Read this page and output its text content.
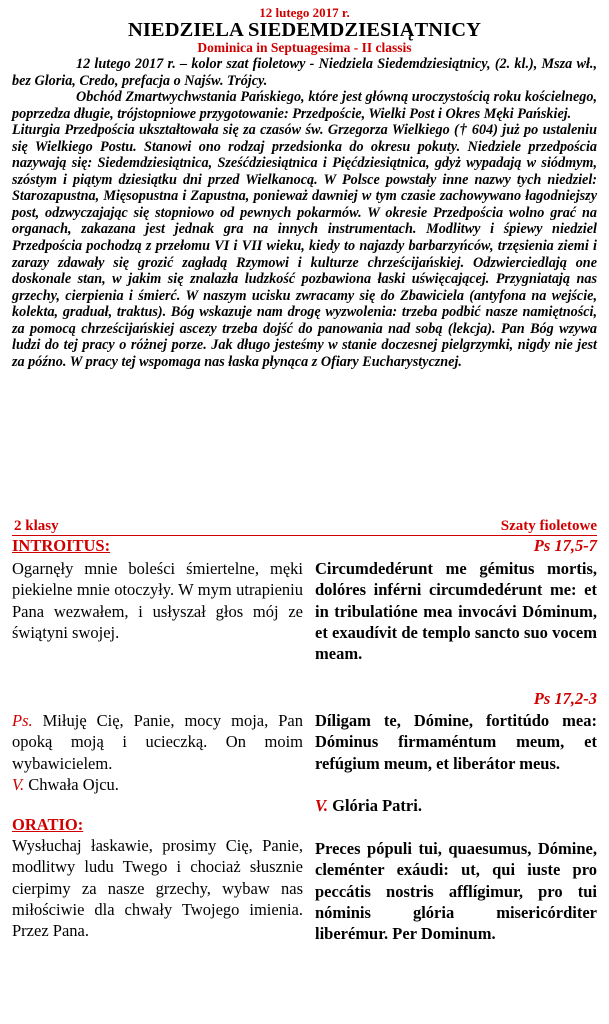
12 lutego 2017 r.
NIEDZIELA SIEDEMDZIESIĄTNICY
Dominica in Septuagesima - II classis

12 lutego 2017 r. – kolor szat fioletowy - Niedziela Siedemdziesiątnicy, (2. kl.), Msza wł., bez Gloria, Credo, prefacja o Najśw. Trójcy.

Obchód Zmartwychwstania Pańskiego, które jest główną uroczystością roku kościelnego, poprzedza długie, trójstopniowe przygotowanie: Przedpoście, Wielki Post i Okres Męki Pańskiej.

Liturgia Przedpościa ukształtowała się za czasów św. Grzegorza Wielkiego († 604) już po ustaleniu się Wielkiego Postu. Stanowi ono rodzaj przedsionka do okresu pokuty. Niedziele przedpościa nazywają się: Siedemdziesiątnica, Sześćdziesiątnica i Pięćdziesiątnica, gdyż wypadają w siódmym, szóstym i piątym dziesiątku dni przed Wielkanocą. W Polsce powstały inne nazwy tych niedziel: Starozapustna, Mięsopustna i Zapustna, ponieważ dawniej w tym czasie zachowywano łagodniejszy post, odzwyczajając się stopniowo od pewnych pokarmów. W okresie Przedpościa wolno grać na organach, zakazana jest jednak gra na innych instrumentach. Modlitwy i śpiewy niedziel Przedpościa pochodzą z przełomu VI i VII wieku, kiedy to najazdy barbarzyńców, trzęsienia ziemi i zarazy zdawały się grozić zagładą Rzymowi i kulturze chrześcijańskiej. Odzwierciedlają one doskonale stan, w jakim się znalazła ludzkość pozbawiona łaski uświęcającej. Przygniatają nas grzechy, cierpienia i śmierć. W naszym ucisku zwracamy się do Zbawiciela (antyfona na wejście, kolekta, graduał, traktus). Bóg wskazuje nam drogę wyzwolenia: trzeba podbić nasze namiętności, za pomocą chrześcijańskiej ascezy trzeba dojść do panowania nad sobą (lekcja). Pan Bóg wzywa ludzi do tej pracy o różnej porze. Jak długo jesteśmy w stanie doczesnej pielgrzymki, nigdy nie jest za późno. W pracy tej wspomaga nas łaska płynąca z Ofiary Eucharystycznej.

2 klasy	Szaty fioletowe
INTROITUS:	Ps 17,5-7

Ogarnęły mnie boleści śmiertelne, męki piekielne mnie otoczyły. W mym utrapieniu Pana wezwałem, i usłyszał głos mój ze świątyni swojej.

Circumdedérunt me gémitus mortis, dolóres inférni circumdedérunt me: et in tribulatióne mea invocávi Dóminum, et exaudívit de templo sancto suo vocem meam.

Ps 17,2-3

Ps. Miłuję Cię, Panie, mocy moja, Pan opoką moją i ucieczką. On moim wybawicielem.

Díligam te, Dómine, fortitúdo mea: Dóminus firmaméntum meum, et refúgium meum, et liberátor meus.

V. Chwała Ojcu.

V. Glória Patri.

ORATIO:

Wysłuchaj łaskawie, prosimy Cię, Panie, modlitwy ludu Twego i chociaż słusznie cierpimy za nasze grzechy, wybaw nas miłościwie dla chwały Twojego imienia. Przez Pana.

Preces pópuli tui, quaesumus, Dómine, cleménter exáudi: ut, qui iuste pro peccátis nostris afflígimur, pro tui nóminis glória misericórditer liberémur. Per Dominum.
